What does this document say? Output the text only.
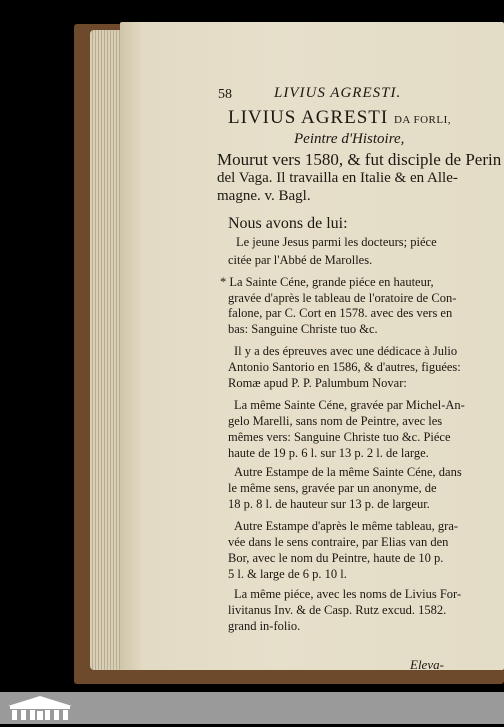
58	LIVIUS AGRESTI.
LIVIUS AGRESTI DA FORLI,
Peintre d'Histoire,
Mourut vers 1580, & fut disciple de Perin
del Vaga. Il travailla en Italie & en Alle-
magne. v. Bagl.
Nous avons de lui:
Le jeune Jesus parmi les docteurs; piéce
citée par l'Abbé de Marolles.
* La Sainte Céne, grande piéce en hauteur,
gravée d'après le tableau de l'oratoire de Con-
falone, par C. Cort en 1578. avec des vers en
bas: Sanguine Christe tuo &c.
Il y a des épreuves avec une dédicace à Julio
Antonio Santorio en 1586, & d'autres, figuées:
Romæ apud P. P. Palumbum Novar:
La même Sainte Céne, gravée par Michel-An-
gelo Marelli, sans nom de Peintre, avec les
mêmes vers: Sanguine Christe tuo &c. Piéce
haute de 19 p. 6 l. sur 13 p. 2 l. de large.
Autre Estampe de la même Sainte Céne, dans
le même sens, gravée par un anonyme, de
18 p. 8 l. de hauteur sur 13 p. de largeur.
Autre Estampe d'après le même tableau, gra-
vée dans le sens contraire, par Elias van den
Bor, avec le nom du Peintre, haute de 10 p.
5 l. & large de 6 p. 10 l.
La même piéce, avec les noms de Livius For-
livitanus Inv. & de Casp. Rutz excud. 1582.
grand in-folio.
Eleva-
